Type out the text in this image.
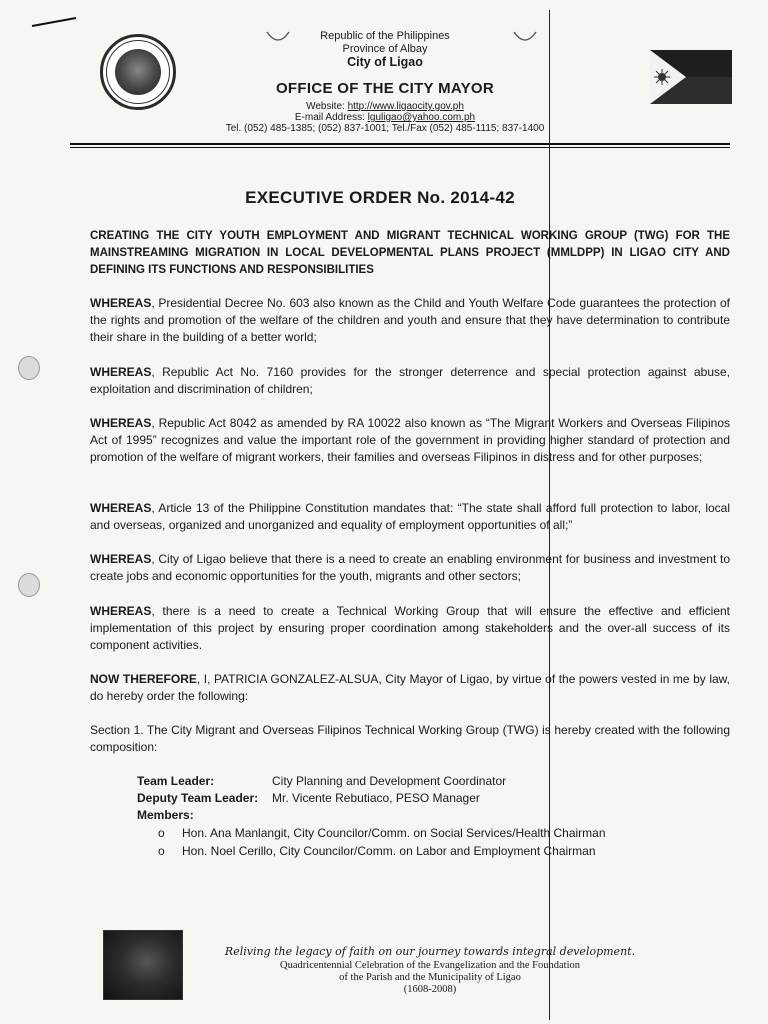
Republic of the Philippines
Province of Albay
City of Ligao
OFFICE OF THE CITY MAYOR
Website: http://www.ligaocity.gov.ph
E-mail Address: lguligao@yahoo.com.ph
Tel. (052) 485-1385; (052) 837-1001; Tel./Fax (052) 485-1115; 837-1400
EXECUTIVE ORDER No. 2014-42
CREATING THE CITY YOUTH EMPLOYMENT AND MIGRANT TECHNICAL WORKING GROUP (TWG) FOR THE MAINSTREAMING MIGRATION IN LOCAL DEVELOPMENTAL PLANS PROJECT (MMLDPP) IN LIGAO CITY AND DEFINING ITS FUNCTIONS AND RESPONSIBILITIES
WHEREAS, Presidential Decree No. 603 also known as the Child and Youth Welfare Code guarantees the protection of the rights and promotion of the welfare of the children and youth and ensure that they have determination to contribute their share in the building of a better world;
WHEREAS, Republic Act No. 7160 provides for the stronger deterrence and special protection against abuse, exploitation and discrimination of children;
WHEREAS, Republic Act 8042 as amended by RA 10022 also known as “The Migrant Workers and Overseas Filipinos Act of 1995” recognizes and value the important role of the government in providing higher standard of protection and promotion of the welfare of migrant workers, their families and overseas Filipinos in distress and for other purposes;
WHEREAS, Article 13 of the Philippine Constitution mandates that: “The state shall afford full protection to labor, local and overseas, organized and unorganized and equality of employment opportunities of all;”
WHEREAS, City of Ligao believe that there is a need to create an enabling environment for business and investment to create jobs and economic opportunities for the youth, migrants and other sectors;
WHEREAS, there is a need to create a Technical Working Group that will ensure the effective and efficient implementation of this project by ensuring proper coordination among stakeholders and the over-all success of its component activities.
NOW THEREFORE, I, PATRICIA GONZALEZ-ALSUA, City Mayor of Ligao, by virtue of the powers vested in me by law, do hereby order the following:
Section 1. The City Migrant and Overseas Filipinos Technical Working Group (TWG) is hereby created with the following composition:
Team Leader:	City Planning and Development Coordinator
Deputy Team Leader:	Mr. Vicente Rebutiaco, PESO Manager
Members:	
o Hon. Ana Manlangit, City Councilor/Comm. on Social Services/Health Chairman
o Hon. Noel Cerillo, City Councilor/Comm. on Labor and Employment Chairman
Reliving the legacy of faith on our journey towards integral development.
Quadricentennial Celebration of the Evangelization and the Foundation
of the Parish and the Municipality of Ligao
(1608-2008)
